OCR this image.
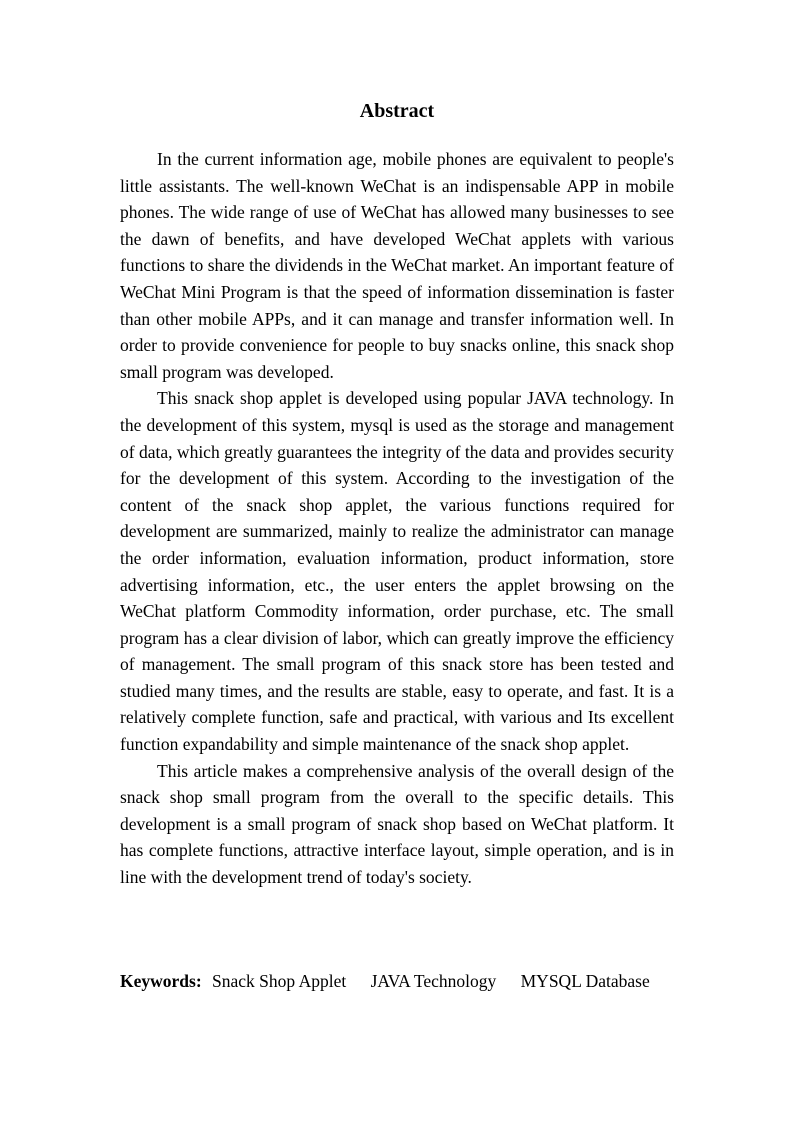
Abstract

In the current information age, mobile phones are equivalent to people's little assistants. The well-known WeChat is an indispensable APP in mobile phones. The wide range of use of WeChat has allowed many businesses to see the dawn of benefits, and have developed WeChat applets with various functions to share the dividends in the WeChat market. An important feature of WeChat Mini Program is that the speed of information dissemination is faster than other mobile APPs, and it can manage and transfer information well. In order to provide convenience for people to buy snacks online, this snack shop small program was developed.

This snack shop applet is developed using popular JAVA technology. In the development of this system, mysql is used as the storage and management of data, which greatly guarantees the integrity of the data and provides security for the development of this system. According to the investigation of the content of the snack shop applet, the various functions required for development are summarized, mainly to realize the administrator can manage the order information, evaluation information, product information, store advertising information, etc., the user enters the applet browsing on the WeChat platform Commodity information, order purchase, etc. The small program has a clear division of labor, which can greatly improve the efficiency of management. The small program of this snack store has been tested and studied many times, and the results are stable, easy to operate, and fast. It is a relatively complete function, safe and practical, with various and Its excellent function expandability and simple maintenance of the snack shop applet.

This article makes a comprehensive analysis of the overall design of the snack shop small program from the overall to the specific details. This development is a small program of snack shop based on WeChat platform. It has complete functions, attractive interface layout, simple operation, and is in line with the development trend of today's society.

Keywords: Snack Shop Applet JAVA Technology MYSQL Database
